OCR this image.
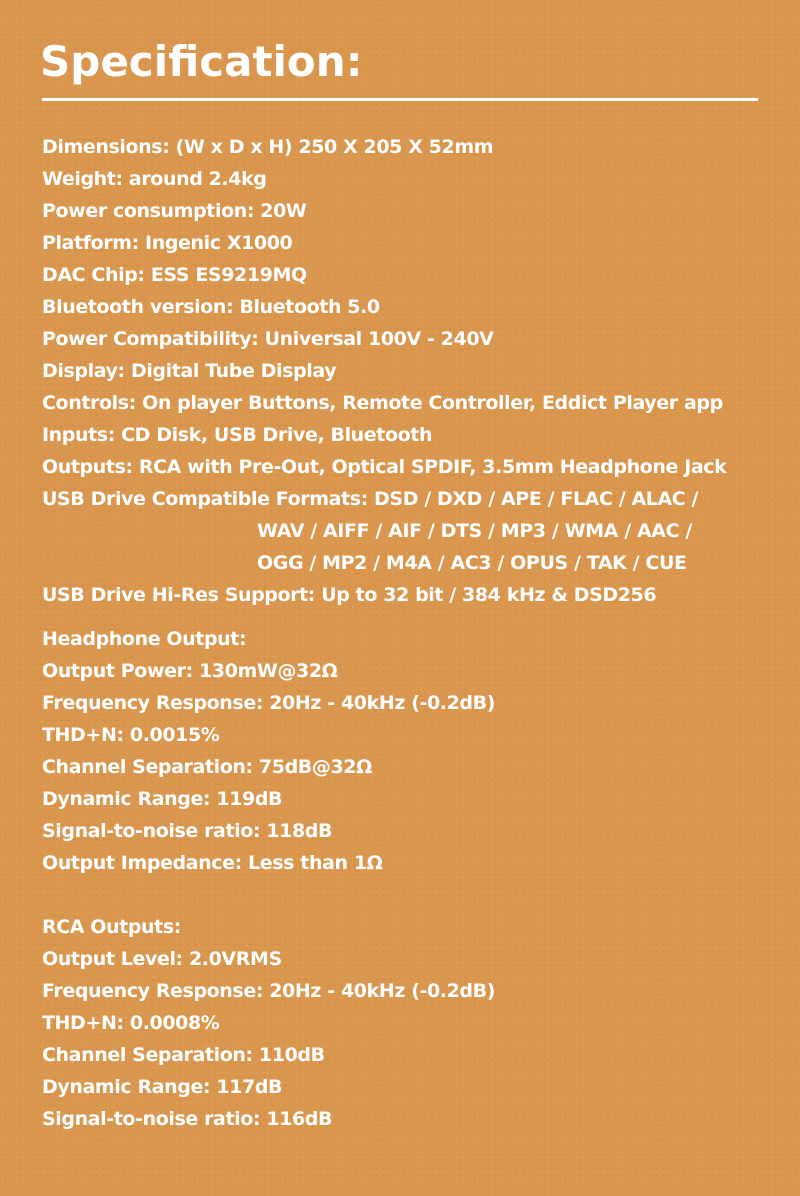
Specification:
Dimensions: (W x D x H) 250 X 205 X 52mm
Weight: around 2.4kg
Power consumption: 20W
Platform: Ingenic X1000
DAC Chip: ESS ES9219MQ
Bluetooth version: Bluetooth 5.0
Power Compatibility: Universal 100V - 240V
Display: Digital Tube Display
Controls: On player Buttons, Remote Controller, Eddict Player app
Inputs: CD Disk, USB Drive, Bluetooth
Outputs: RCA with Pre-Out, Optical SPDIF, 3.5mm Headphone Jack
USB Drive Compatible Formats: DSD / DXD / APE / FLAC / ALAC /
WAV / AIFF / AIF / DTS / MP3 / WMA / AAC /
OGG / MP2 / M4A / AC3 / OPUS / TAK / CUE
USB Drive Hi-Res Support: Up to 32 bit / 384 kHz & DSD256
Headphone Output:
Output Power: 130mW@32Ω
Frequency Response: 20Hz - 40kHz (-0.2dB)
THD+N: 0.0015%
Channel Separation: 75dB@32Ω
Dynamic Range: 119dB
Signal-to-noise ratio: 118dB
Output Impedance: Less than 1Ω
RCA Outputs:
Output Level: 2.0VRMS
Frequency Response: 20Hz - 40kHz (-0.2dB)
THD+N: 0.0008%
Channel Separation: 110dB
Dynamic Range: 117dB
Signal-to-noise ratio: 116dB
